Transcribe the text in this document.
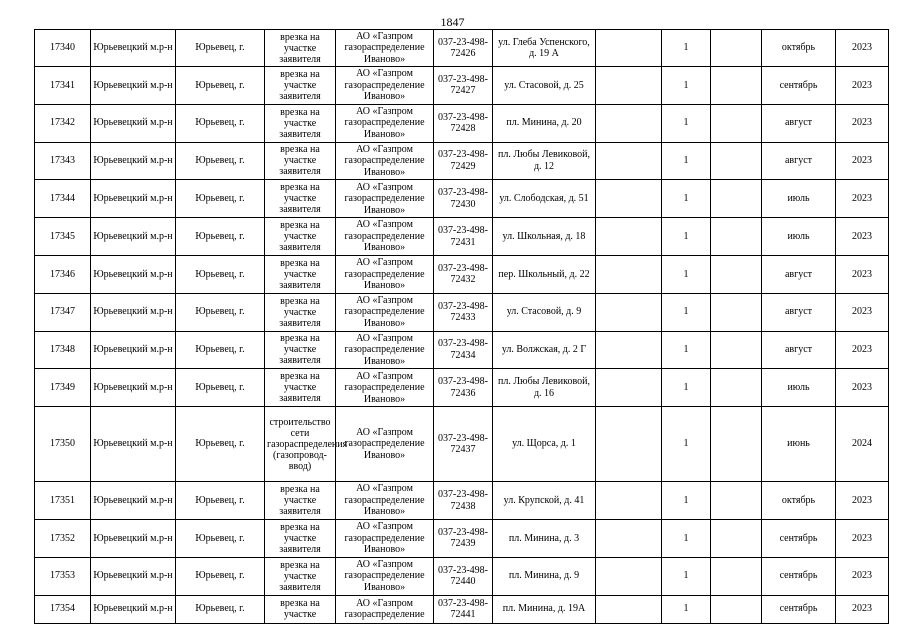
1847
17340	Юрьевецкий м.р-н	Юрьевец, г.	врезка на участке заявителя	АО «Газпром газораспределение Иваново»	037-23-498-72426	ул. Глеба Успенского, д. 19 А		1		октябрь	2023
17341	Юрьевецкий м.р-н	Юрьевец, г.	врезка на участке заявителя	АО «Газпром газораспределение Иваново»	037-23-498-72427	ул. Стасовой, д. 25		1		сентябрь	2023
17342	Юрьевецкий м.р-н	Юрьевец, г.	врезка на участке заявителя	АО «Газпром газораспределение Иваново»	037-23-498-72428	пл. Минина, д. 20		1		август	2023
17343	Юрьевецкий м.р-н	Юрьевец, г.	врезка на участке заявителя	АО «Газпром газораспределение Иваново»	037-23-498-72429	пл. Любы Левиковой, д. 12		1		август	2023
17344	Юрьевецкий м.р-н	Юрьевец, г.	врезка на участке заявителя	АО «Газпром газораспределение Иваново»	037-23-498-72430	ул. Слободская, д. 51		1		июль	2023
17345	Юрьевецкий м.р-н	Юрьевец, г.	врезка на участке заявителя	АО «Газпром газораспределение Иваново»	037-23-498-72431	ул. Школьная, д. 18		1		июль	2023
17346	Юрьевецкий м.р-н	Юрьевец, г.	врезка на участке заявителя	АО «Газпром газораспределение Иваново»	037-23-498-72432	пер. Школьный, д. 22		1		август	2023
17347	Юрьевецкий м.р-н	Юрьевец, г.	врезка на участке заявителя	АО «Газпром газораспределение Иваново»	037-23-498-72433	ул. Стасовой, д. 9		1		август	2023
17348	Юрьевецкий м.р-н	Юрьевец, г.	врезка на участке заявителя	АО «Газпром газораспределение Иваново»	037-23-498-72434	ул. Волжская, д. 2 Г		1		август	2023
17349	Юрьевецкий м.р-н	Юрьевец, г.	врезка на участке заявителя	АО «Газпром газораспределение Иваново»	037-23-498-72436	пл. Любы Левиковой, д. 16		1		июль	2023
17350	Юрьевецкий м.р-н	Юрьевец, г.	строительство сети газораспределения (газопровод-ввод)	АО «Газпром газораспределение Иваново»	037-23-498-72437	ул. Щорса, д. 1		1		июнь	2024
17351	Юрьевецкий м.р-н	Юрьевец, г.	врезка на участке заявителя	АО «Газпром газораспределение Иваново»	037-23-498-72438	ул. Крупской, д. 41		1		октябрь	2023
17352	Юрьевецкий м.р-н	Юрьевец, г.	врезка на участке заявителя	АО «Газпром газораспределение Иваново»	037-23-498-72439	пл. Минина, д. 3		1		сентябрь	2023
17353	Юрьевецкий м.р-н	Юрьевец, г.	врезка на участке заявителя	АО «Газпром газораспределение Иваново»	037-23-498-72440	пл. Минина, д. 9		1		сентябрь	2023
17354	Юрьевецкий м.р-н	Юрьевец, г.	врезка на участке	АО «Газпром газораспределение	037-23-498-72441	пл. Минина, д. 19А		1		сентябрь	2023
